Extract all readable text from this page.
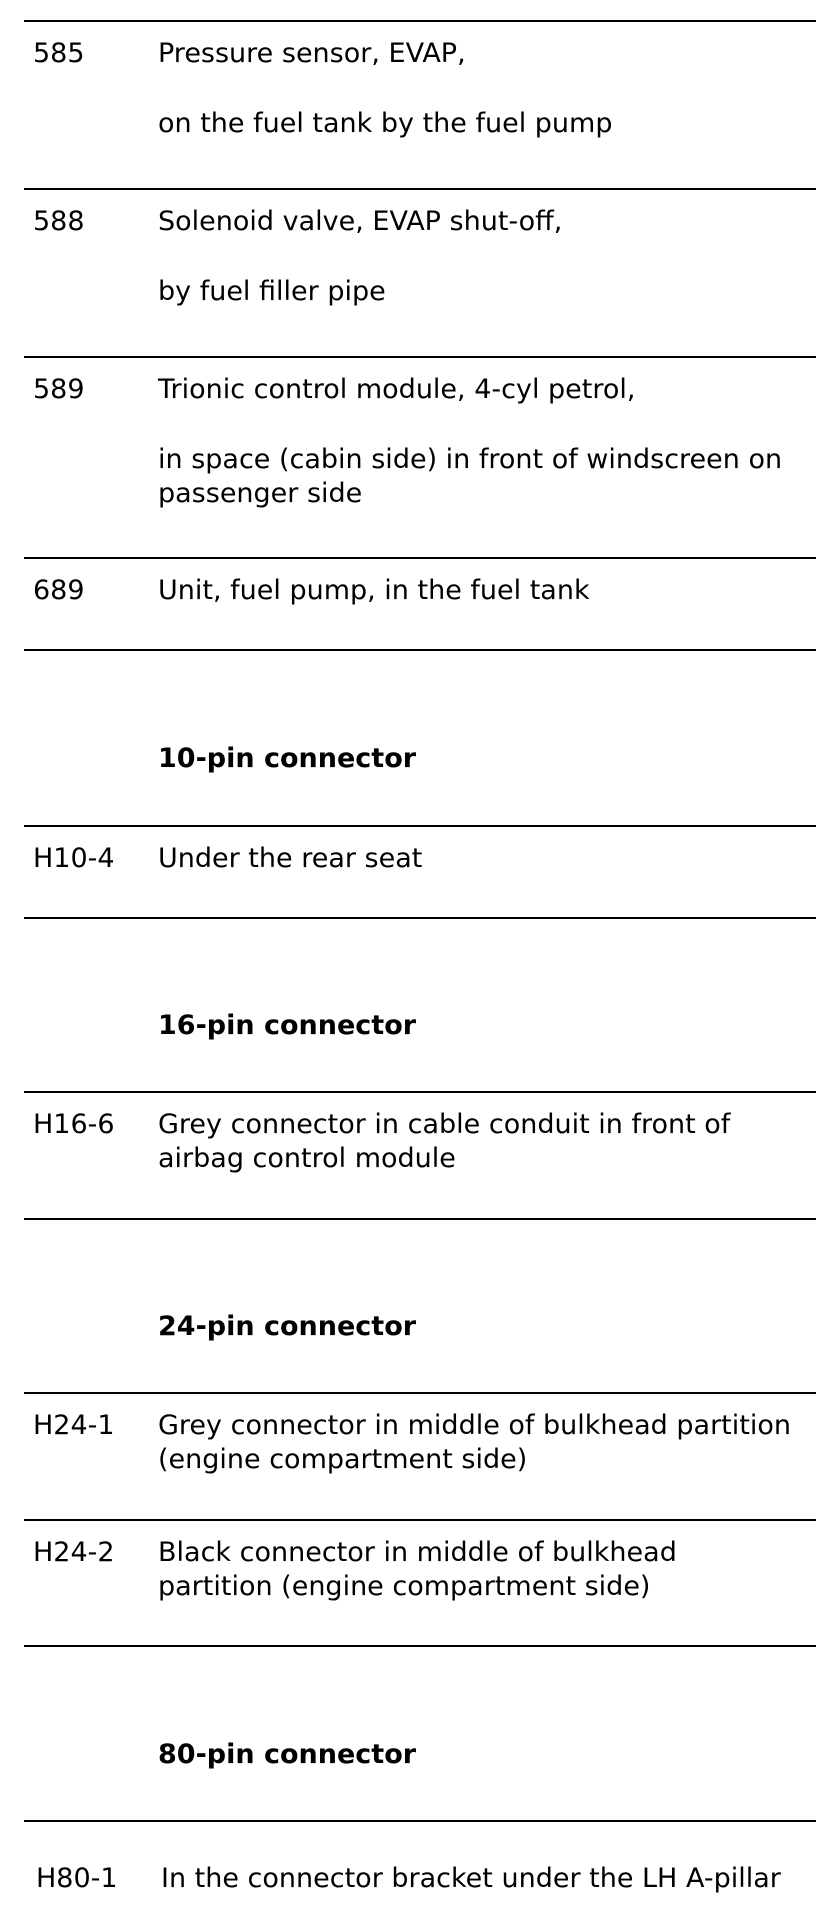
585	Pressure sensor, EVAP,
on the fuel tank by the fuel pump
588	Solenoid valve, EVAP shut-off,
by fuel filler pipe
589	Trionic control module, 4-cyl petrol,
in space (cabin side) in front of windscreen on passenger side
689	Unit, fuel pump, in the fuel tank
10-pin connector
H10-4 Under the rear seat
16-pin connector
H16-6 Grey connector in cable conduit in front of airbag control module
24-pin connector
H24-1 Grey connector in middle of bulkhead partition (engine compartment side)
H24-2 Black connector in middle of bulkhead partition (engine compartment side)
80-pin connector
H80-1 In the connector bracket under the LH A-pillar
